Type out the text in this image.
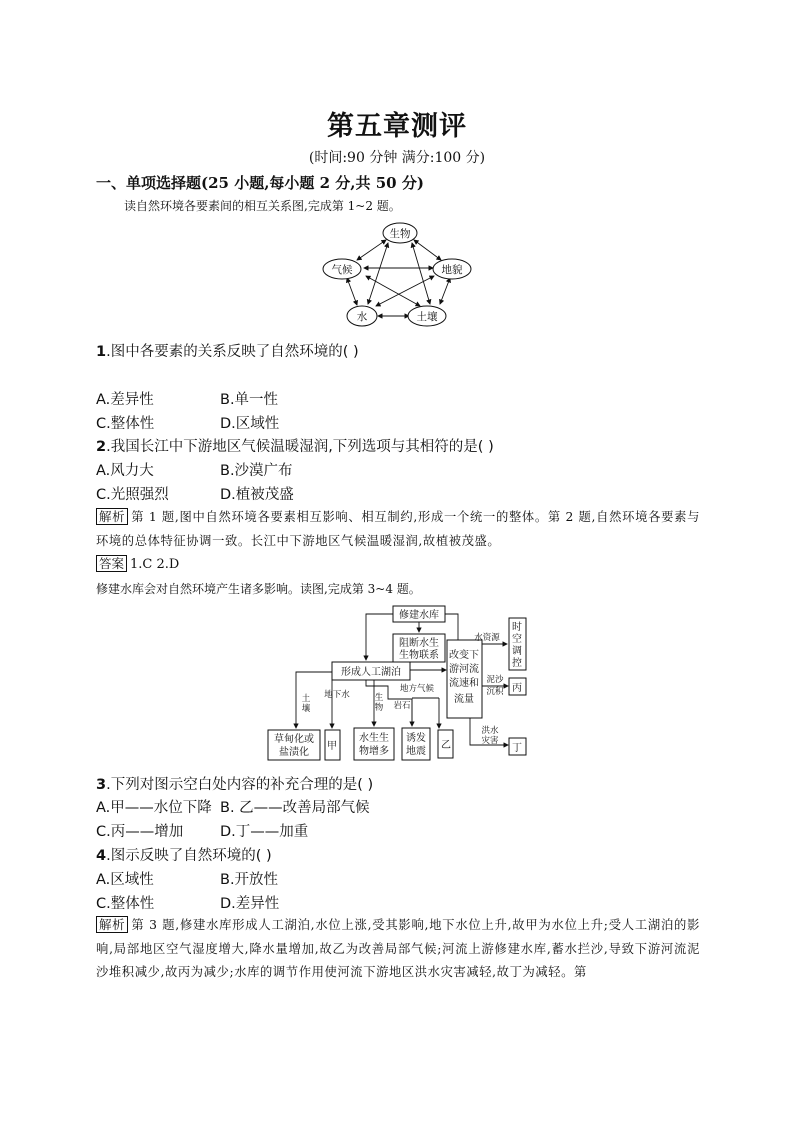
第五章测评
(时间:90 分钟 满分:100 分)
一、单项选择题(25 小题,每小题 2 分,共 50 分)
读自然环境各要素间的相互关系图,完成第 1~2 题。
生物
气候	地貌
水	土壤
1.图中各要素的关系反映了自然环境的( )
A.差异性	B.单一性
C.整体性	D.区域性
2.我国长江中下游地区气候温暖湿润,下列选项与其相符的是( )
A.风力大	B.沙漠广布
C.光照强烈	D.植被茂盛
解析 第 1 题,图中自然环境各要素相互影响、相互制约,形成一个统一的整体。第 2 题,自然环境各要素与环境的总体特征协调一致。长江中下游地区气候温暖湿润,故植被茂盛。
答案 1.C 2.D
修建水库会对自然环境产生诸多影响。读图,完成第 3~4 题。
修建水库
阻断水生
生物联系
形成人工湖泊
改变下
游河流
流速和
流量
时
空
调
控
丙
丁
草甸化或
盐渍化
甲
水生生
物增多
诱发
地震
乙
土
壤
地下水	生
物
地方气候
岩石
水资源
泥沙
沉积
洪水
灾害
3.下列对图示空白处内容的补充合理的是( )
A.甲——水位下降 B. 乙——改善局部气候
C.丙——增加	D.丁——加重
4.图示反映了自然环境的( )
A.区域性	B.开放性
C.整体性	D.差异性
解析 第 3 题,修建水库形成人工湖泊,水位上涨,受其影响,地下水位上升,故甲为水位上升;受人工湖泊的影响,局部地区空气湿度增大,降水量增加,故乙为改善局部气候;河流上游修建水库,蓄水拦沙,导致下游河流泥沙堆积减少,故丙为减少;水库的调节作用使河流下游地区洪水灾害减轻,故丁为减轻。第
